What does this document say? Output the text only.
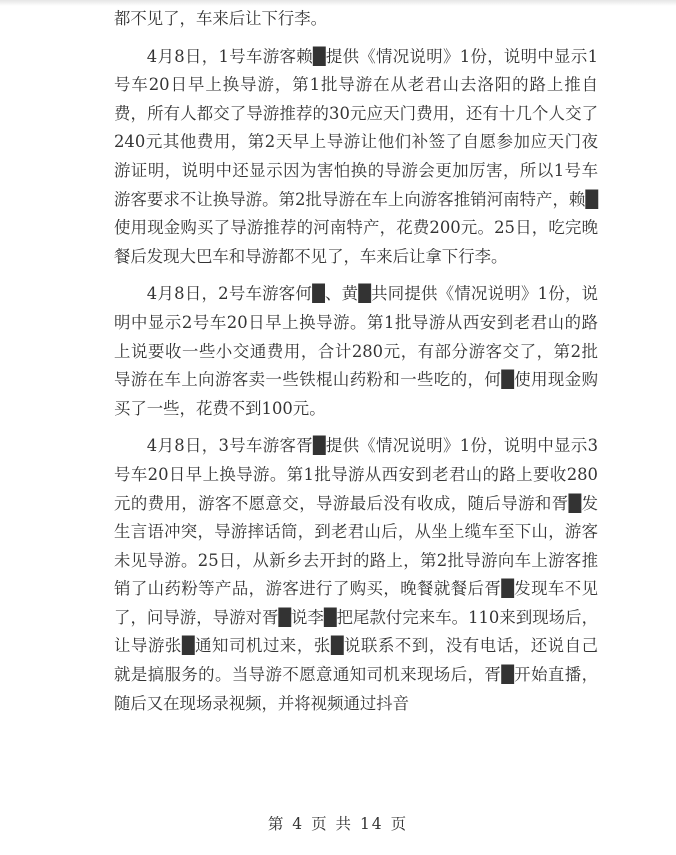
都不见了，车来后让下行李。

4月8日，1号车游客赖█提供《情况说明》1份，说明中显示1号车20日早上换导游，第1批导游在从老君山去洛阳的路上推自费，所有人都交了导游推荐的30元应天门费用，还有十几个人交了240元其他费用，第2天早上导游让他们补签了自愿参加应天门夜游证明，说明中还显示因为害怕换的导游会更加厉害，所以1号车游客要求不让换导游。第2批导游在车上向游客推销河南特产，赖█使用现金购买了导游推荐的河南特产，花费200元。25日，吃完晚餐后发现大巴车和导游都不见了，车来后让拿下行李。

4月8日，2号车游客何█、黄█共同提供《情况说明》1份，说明中显示2号车20日早上换导游。第1批导游从西安到老君山的路上说要收一些小交通费用，合计280元，有部分游客交了，第2批导游在车上向游客卖一些铁棍山药粉和一些吃的，何█使用现金购买了一些，花费不到100元。

4月8日，3号车游客胥█提供《情况说明》1份，说明中显示3号车20日早上换导游。第1批导游从西安到老君山的路上要收280元的费用，游客不愿意交，导游最后没有收成，随后导游和胥█发生言语冲突，导游摔话筒，到老君山后，从坐上缆车至下山，游客未见导游。25日，从新乡去开封的路上，第2批导游向车上游客推销了山药粉等产品，游客进行了购买，晚餐就餐后胥█发现车不见了，问导游，导游对胥█说李█把尾款付完来车。110来到现场后，让导游张█通知司机过来，张█说联系不到，没有电话，还说自己就是搞服务的。当导游不愿意通知司机来现场后，胥█开始直播，随后又在现场录视频，并将视频通过抖音

第 4 页 共 14 页
